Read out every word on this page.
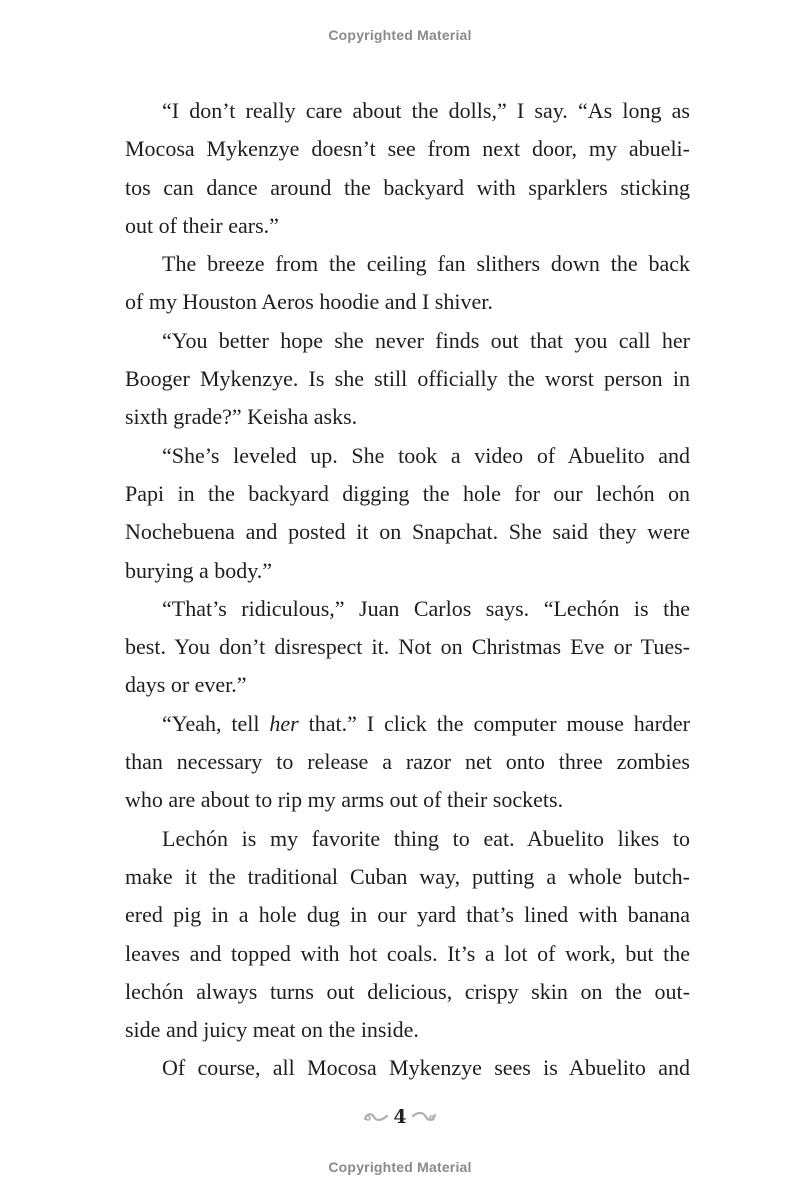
Copyrighted Material
“I don’t really care about the dolls,” I say. “As long as
Mocosa Mykenzye doesn’t see from next door, my abueli-
tos can dance around the backyard with sparklers sticking
out of their ears.”
The breeze from the ceiling fan slithers down the back
of my Houston Aeros hoodie and I shiver.
“You better hope she never finds out that you call her
Booger Mykenzye. Is she still officially the worst person in
sixth grade?” Keisha asks.
“She’s leveled up. She took a video of Abuelito and
Papi in the backyard digging the hole for our lechón on
Nochebuena and posted it on Snapchat. She said they were
burying a body.”
“That’s ridiculous,” Juan Carlos says. “Lechón is the
best. You don’t disrespect it. Not on Christmas Eve or Tues-
days or ever.”
“Yeah, tell her that.” I click the computer mouse harder
than necessary to release a razor net onto three zombies
who are about to rip my arms out of their sockets.
Lechón is my favorite thing to eat. Abuelito likes to
make it the traditional Cuban way, putting a whole butch-
ered pig in a hole dug in our yard that’s lined with banana
leaves and topped with hot coals. It’s a lot of work, but the
lechón always turns out delicious, crispy skin on the out-
side and juicy meat on the inside.
Of course, all Mocosa Mykenzye sees is Abuelito and
4
Copyrighted Material
